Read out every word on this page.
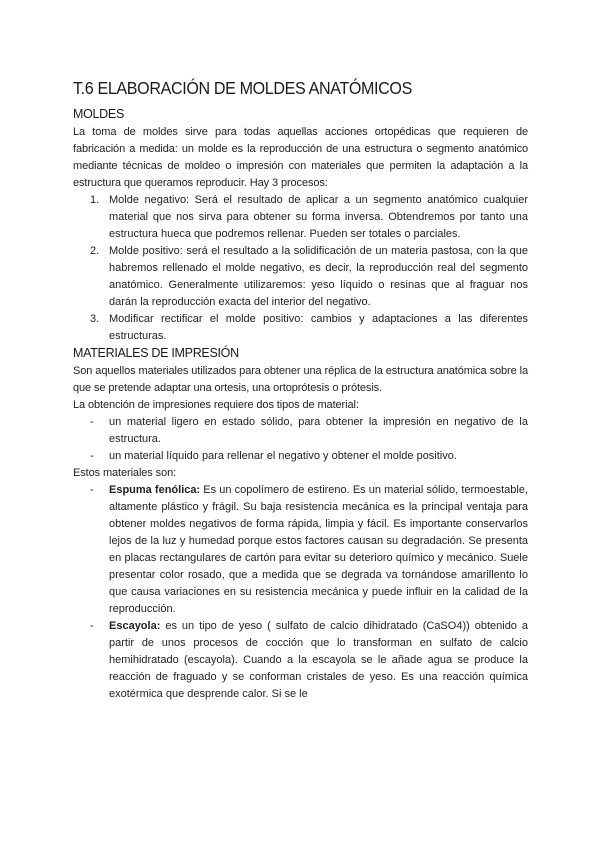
T.6 ELABORACIÓN DE MOLDES ANATÓMICOS
MOLDES

La toma de moldes sirve para todas aquellas acciones ortopédicas que requieren de fabricación a medida: un molde es la reproducción de una estructura o segmento anatómico mediante técnicas de moldeo o impresión con materiales que permiten la adaptación a la estructura que queramos reproducir. Hay 3 procesos:

1. Molde negativo: Será el resultado de aplicar a un segmento anatómico cualquier material que nos sirva para obtener su forma inversa. Obtendremos por tanto una estructura hueca que podremos rellenar. Pueden ser totales o parciales.
2. Molde positivo: será el resultado a la solidificación de un materia pastosa, con la que habremos rellenado el molde negativo, es decir, la reproducción real del segmento anatómico. Generalmente utilizaremos: yeso líquido o resinas que al fraguar nos darán la reproducción exacta del interior del negativo.
3. Modificar rectificar el molde positivo: cambios y adaptaciones a las diferentes estructuras.
MATERIALES DE IMPRESIÓN

Son aquellos materiales utilizados para obtener una réplica de la estructura anatómica sobre la que se pretende adaptar una ortesis, una ortoprótesis o prótesis.

La obtención de impresiones requiere dos tipos de material:

- un material ligero en estado sólido, para obtener la impresión en negativo de la estructura.
- un material líquido para rellenar el negativo y obtener el molde positivo.

Estos materiales son:

- Espuma fenólica: Es un copolímero de estireno. Es un material sólido, termoestable, altamente plástico y frágil. Su baja resistencia mecánica es la principal ventaja para obtener moldes negativos de forma rápida, limpia y fácil. Es importante conservarlos lejos de la luz y humedad porque estos factores causan su degradación. Se presenta en placas rectangulares de cartón para evitar su deterioro químico y mecánico. Suele presentar color rosado, que a medida que se degrada va tornándose amarillento lo que causa variaciones en su resistencia mecánica y puede influir en la calidad de la reproducción.
- Escayola: es un tipo de yeso ( sulfato de calcio dihidratado (CaSO4)) obtenido a partir de unos procesos de cocción que lo transforman en sulfato de calcio hemihidratado (escayola). Cuando a la escayola se le añade agua se produce la reacción de fraguado y se conforman cristales de yeso. Es una reacción química exotérmica que desprende calor. Si se le
